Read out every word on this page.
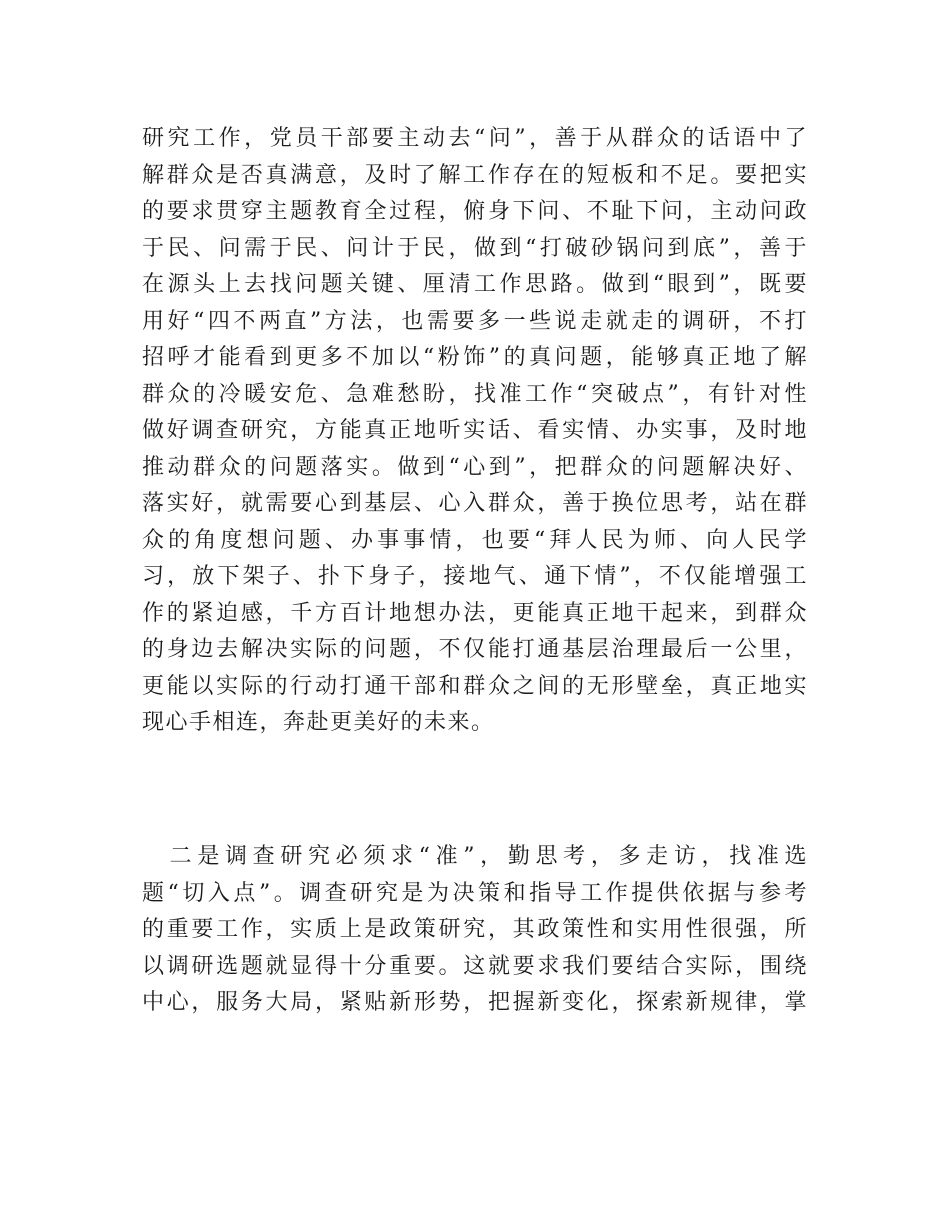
研究工作，党员干部要主动去“问”，善于从群众的话语中了
解群众是否真满意，及时了解工作存在的短板和不足。要把实
的要求贯穿主题教育全过程，俯身下问、不耻下问，主动问政
于民、问需于民、问计于民，做到“打破砂锅问到底”，善于
在源头上去找问题关键、厘清工作思路。做到“眼到”，既要
用好“四不两直”方法，也需要多一些说走就走的调研，不打
招呼才能看到更多不加以“粉饰”的真问题，能够真正地了解
群众的冷暖安危、急难愁盼，找准工作“突破点”，有针对性
做好调查研究，方能真正地听实话、看实情、办实事，及时地
推动群众的问题落实。做到“心到”，把群众的问题解决好、
落实好，就需要心到基层、心入群众，善于换位思考，站在群
众的角度想问题、办事事情，也要“拜人民为师、向人民学
习，放下架子、扑下身子，接地气、通下情”，不仅能增强工
作的紧迫感，千方百计地想办法，更能真正地干起来，到群众
的身边去解决实际的问题，不仅能打通基层治理最后一公里，
更能以实际的行动打通干部和群众之间的无形壁垒，真正地实
现心手相连，奔赴更美好的未来。
　二是调查研究必须求“准”，勤思考，多走访，找准选
题“切入点”。调查研究是为决策和指导工作提供依据与参考
的重要工作，实质上是政策研究，其政策性和实用性很强，所
以调研选题就显得十分重要。这就要求我们要结合实际，围绕
中心，服务大局，紧贴新形势，把握新变化，探索新规律，掌
